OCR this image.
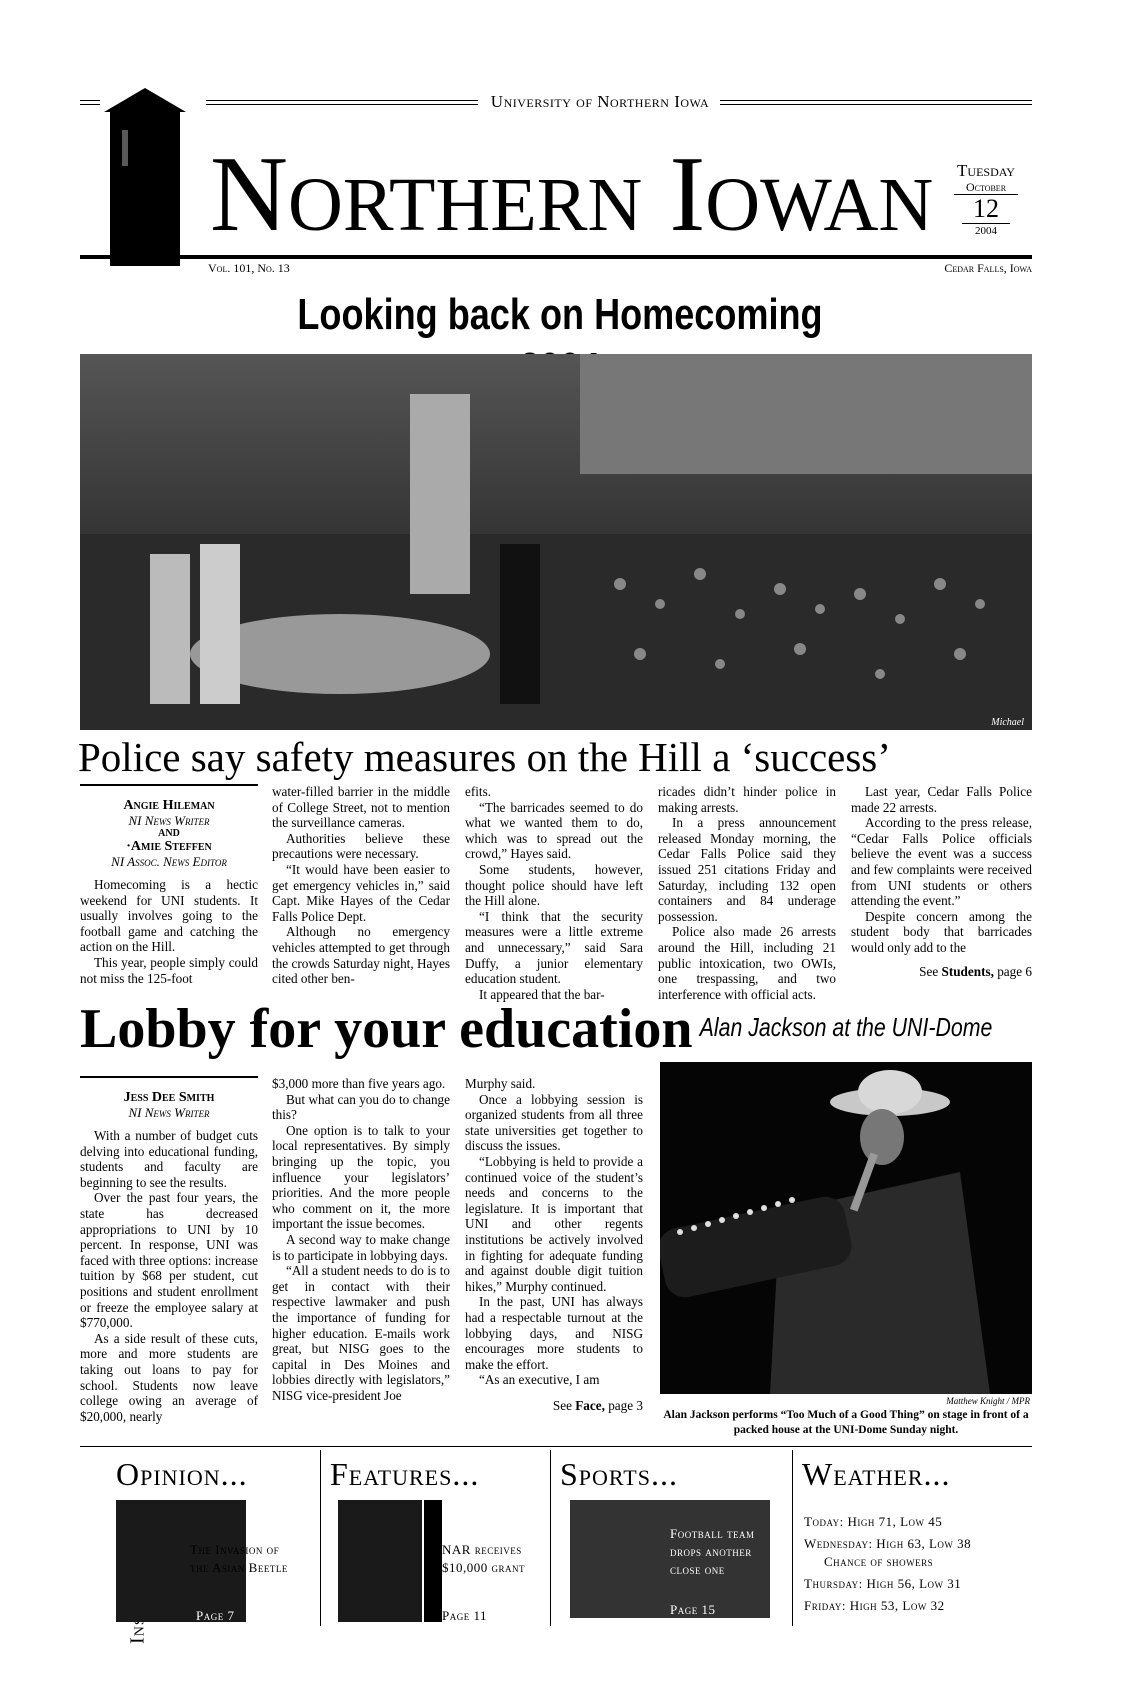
University of Northern Iowa
Northern Iowan	Tuesday
October
12
2004
Vol. 101, No. 13	Cedar Falls, Iowa
Looking back on Homecoming
Michael
Police say safety measures on the Hill a ‘success’
Angie Hileman
NI News Writer
AND
·Amie Steffen
NI Assoc. News Editor

Homecoming is a hectic weekend for UNI students. It usually involves going to the football game and catching the action on the Hill.

This year, people simply could not miss the 125-foot

water-filled barrier in the middle of College Street, not to mention the surveillance cameras.

Authorities believe these precautions were necessary.

“It would have been easier to get emergency vehicles in,” said Capt. Mike Hayes of the Cedar Falls Police Dept.

Although no emergency vehicles attempted to get through the crowds Saturday night, Hayes cited other ben-

efits.

“The barricades seemed to do what we wanted them to do, which was to spread out the crowd,” Hayes said.

Some students, however, thought police should have left the Hill alone.

“I think that the security measures were a little extreme and unnecessary,” said Sara Duffy, a junior elementary education student.

It appeared that the bar-

ricades didn’t hinder police in making arrests.

In a press announcement released Monday morning, the Cedar Falls Police said they issued 251 citations Friday and Saturday, including 132 open containers and 84 underage possession.

Police also made 26 arrests around the Hill, including 21 public intoxication, two OWIs, one trespassing, and two interference with official acts.

Last year, Cedar Falls Police made 22 arrests.

According to the press release, “Cedar Falls Police officials believe the event was a success and few complaints were received from UNI students or others attending the event.”

Despite concern among the student body that barricades would only add to the

See Students, page 6
Lobby for your education
Jess Dee Smith
NI News Writer

With a number of budget cuts delving into educational funding, students and faculty are beginning to see the results.

Over the past four years, the state has decreased appropriations to UNI by 10 percent. In response, UNI was faced with three options: increase tuition by $68 per student, cut positions and student enrollment or freeze the employee salary at $770,000.

As a side result of these cuts, more and more students are taking out loans to pay for school. Students now leave college owing an average of $20,000, nearly

$3,000 more than five years ago.

But what can you do to change this?

One option is to talk to your local representatives. By simply bringing up the topic, you influence your legislators’ priorities. And the more people who comment on it, the more important the issue becomes.

A second way to make change is to participate in lobbying days.

“All a student needs to do is to get in contact with their respective lawmaker and push the importance of funding for higher education. E-mails work great, but NISG goes to the capital in Des Moines and lobbies directly with legislators,” NISG vice-president Joe

Murphy said.

Once a lobbying session is organized students from all three state universities get together to discuss the issues.

“Lobbying is held to provide a continued voice of the student’s needs and concerns to the legislature. It is important that UNI and other regents institutions be actively involved in fighting for adequate funding and against double digit tuition hikes,” Murphy continued.

In the past, UNI has always had a respectable turnout at the lobbying days, and NISG encourages more students to make the effort.

“As an executive, I am

See Face, page 3
Alan Jackson at the UNI-Dome
Matthew Knight / MPR
Alan Jackson performs “Too Much of a Good Thing” on stage in front of a packed house at the UNI-Dome Sunday night.
Opinion...
The Invasion of
the Asian Beetle
Page 7
Features...
NAR receives
$10,000 grant
Page 11
Sports...
Football team
drops another
close one
Page 15
Weather...
Today: High 71, Low 45
Wednesday: High 63, Low 38
Chance of showers
Thursday: High 56, Low 31
Friday: High 53, Low 32
